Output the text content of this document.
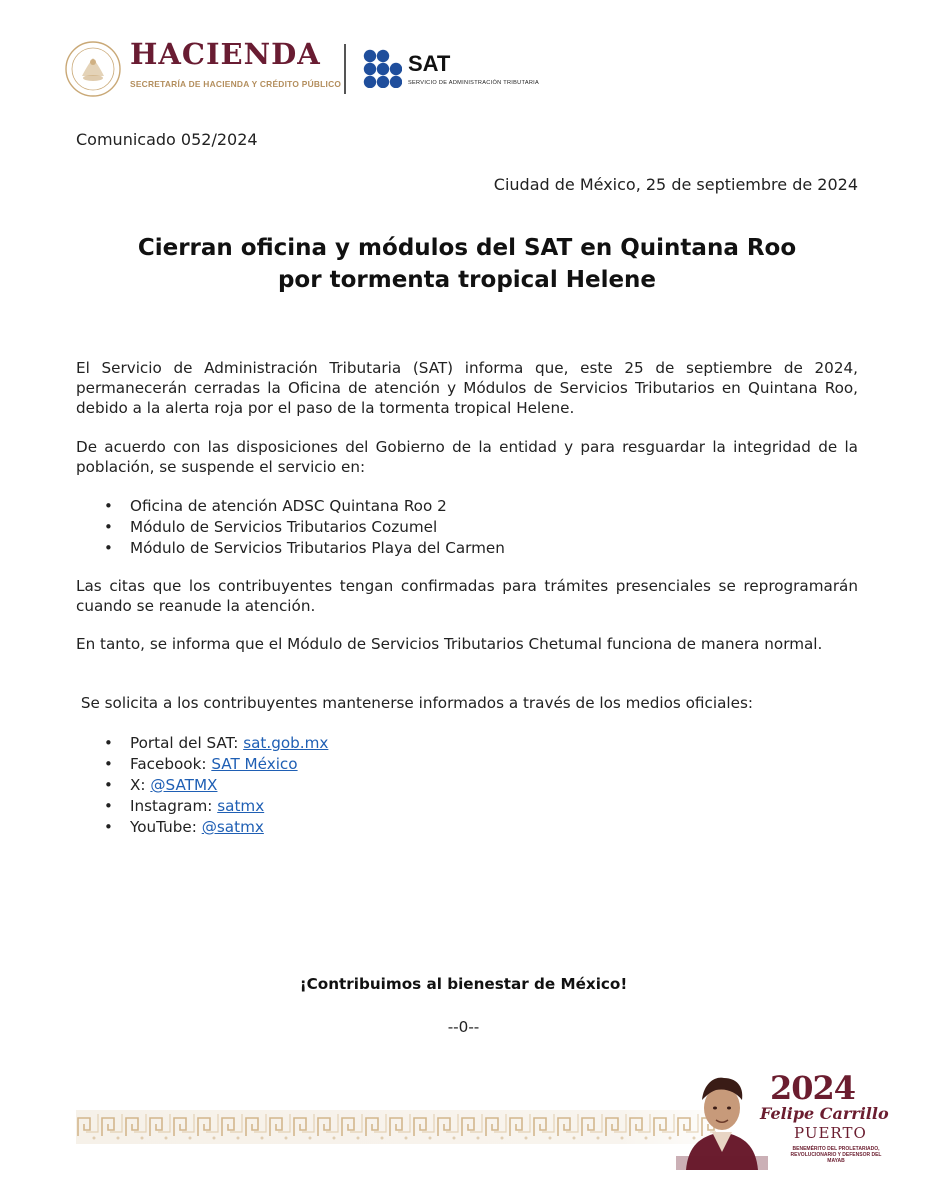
HACIENDA
SECRETARÍA DE HACIENDA Y CRÉDITO PÚBLICO
SAT
SERVICIO DE ADMINISTRACIÓN TRIBUTARIA
Comunicado 052/2024
Ciudad de México, 25 de septiembre de 2024
Cierran oficina y módulos del SAT en Quintana Roo
por tormenta tropical Helene

El Servicio de Administración Tributaria (SAT) informa que, este 25 de septiembre de 2024, permanecerán cerradas la Oficina de atención y Módulos de Servicios Tributarios en Quintana Roo, debido a la alerta roja por el paso de la tormenta tropical Helene.

De acuerdo con las disposiciones del Gobierno de la entidad y para resguardar la integridad de la población, se suspende el servicio en:

• Oficina de atención ADSC Quintana Roo 2
• Módulo de Servicios Tributarios Cozumel
• Módulo de Servicios Tributarios Playa del Carmen

Las citas que los contribuyentes tengan confirmadas para trámites presenciales se reprogramarán cuando se reanude la atención.

En tanto, se informa que el Módulo de Servicios Tributarios Chetumal funciona de manera normal.

Se solicita a los contribuyentes mantenerse informados a través de los medios oficiales:

• Portal del SAT: sat.gob.mx
• Facebook: SAT México
• X: @SATMX
• Instagram: satmx
• YouTube: @satmx
¡Contribuimos al bienestar de México!
--0--
2024
Felipe Carrillo
PUERTO
BENEMÉRITO DEL PROLETARIADO, REVOLUCIONARIO Y DEFENSOR DEL MAYAB
